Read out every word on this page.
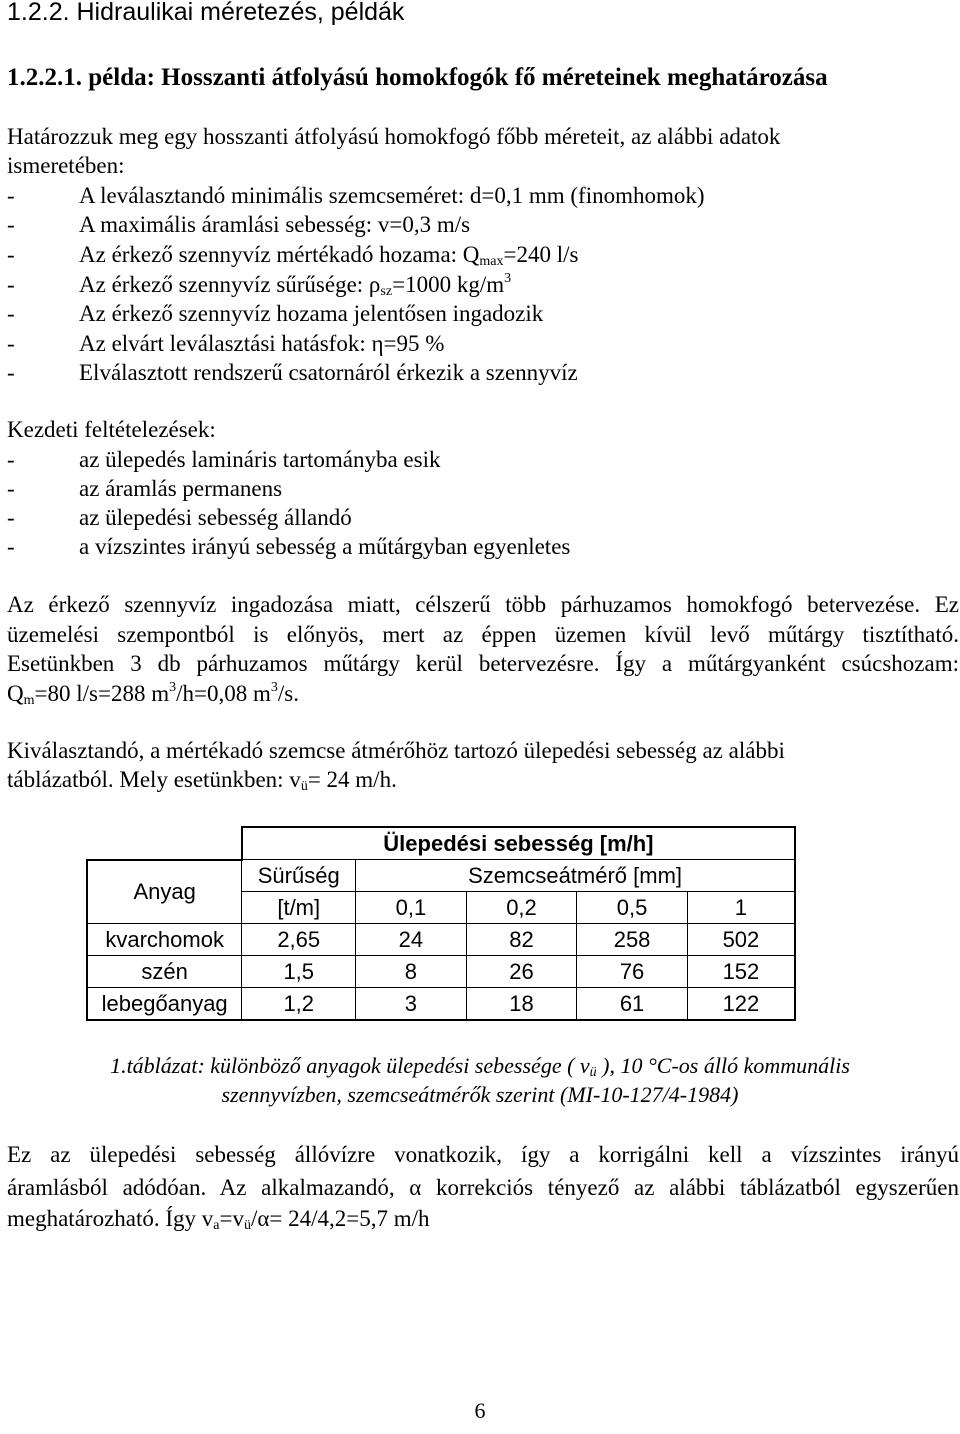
1.2.2. Hidraulikai méretezés, példák
1.2.2.1. példa: Hosszanti átfolyású homokfogók fő méreteinek meghatározása
Határozzuk meg egy hosszanti átfolyású homokfogó főbb méreteit, az alábbi adatok
ismeretében:
-	A leválasztandó minimális szemcseméret: d=0,1 mm (finomhomok)
-	A maximális áramlási sebesség: v=0,3 m/s
-	Az érkező szennyvíz mértékadó hozama: $Q_{max}=240$ l/s
-	Az érkező szennyvíz sűrűsége: $\rho_{sz}=1000$ $kg/m^3$
-	Az érkező szennyvíz hozama jelentősen ingadozik
-	Az elvárt leválasztási hatásfok: η=95 %
-	Elválasztott rendszerű csatornáról érkezik a szennyvíz
Kezdeti feltételezések:
-	az ülepedés lamináris tartományba esik
-	az áramlás permanens
-	az ülepedési sebesség állandó
-	a vízszintes irányú sebesség a műtárgyban egyenletes
Az érkező szennyvíz ingadozása miatt, célszerű több párhuzamos homokfogó betervezése. Ez
üzemelési szempontból is előnyös, mert az éppen üzemen kívül levő műtárgy tisztítható.
Esetünkben 3 db párhuzamos műtárgy kerül betervezésre. Így a műtárgyanként csúcshozam:
$Q_m=80$ l/s=288 $m^3/h=0,08$ $m^3/s$.
Kiválasztandó, a mértékadó szemcse átmérőhöz tartozó ülepedési sebesség az alábbi
táblázatból. Mely esetünkben: $v_ü= 24$ m/h.
	Ülepedési sebesség [m/h]				
Anyag	Sürűség	Szemcseátmérő [mm]			
	[t/m]	0,1	0,2	0,5	1
kvarchomok	2,65	24	82	258	502
szén	1,5	8	26	76	152
lebegőanyag	1,2	3	18	61	122
1.táblázat: különböző anyagok ülepedési sebessége ( $v_ü$ ), 10 °C-os álló kommunális
szennyvízben, szemcseátmérők szerint (MI-10-127/4-1984)
Ez az ülepedési sebesség állóvízre vonatkozik, így a korrigálni kell a vízszintes irányú
áramlásból adódóan. Az alkalmazandó, α korrekciós tényező az alábbi táblázatból egyszerűen
meghatározható. Így $v_a=v_ü/\alpha= 24/4,2=5,7$ m/h
6
